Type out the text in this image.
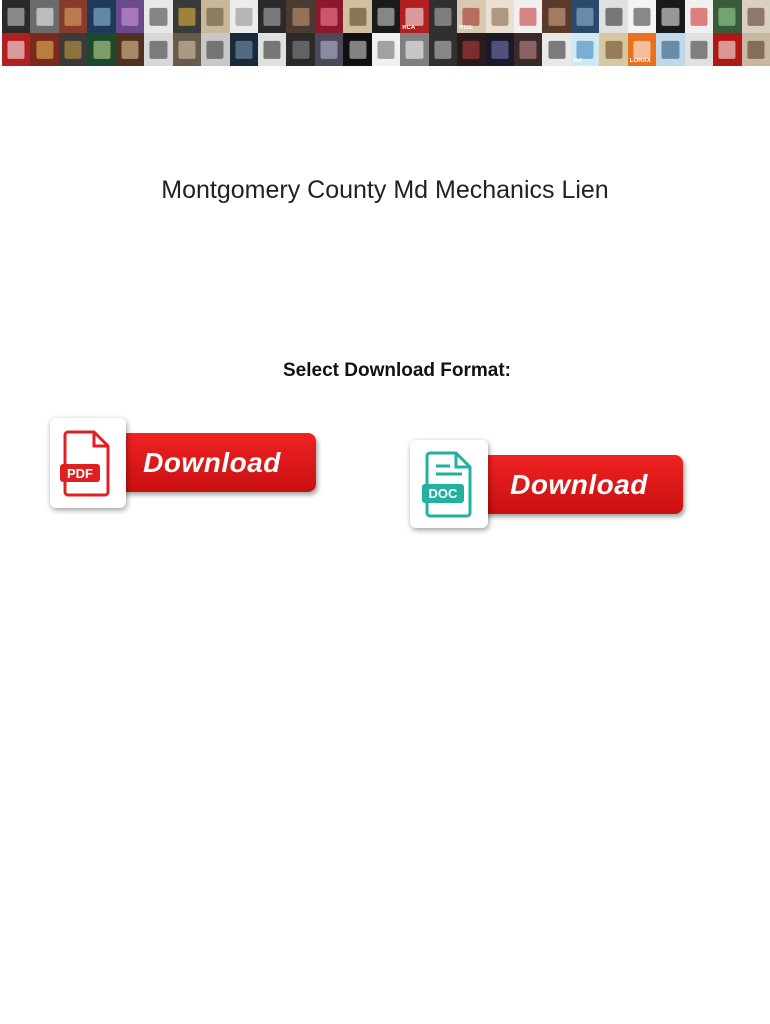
RCA	RISE
ted	LORAX
Montgomery County Md Mechanics Lien
Select Download Format:
Download
PDF	Download
DOC
